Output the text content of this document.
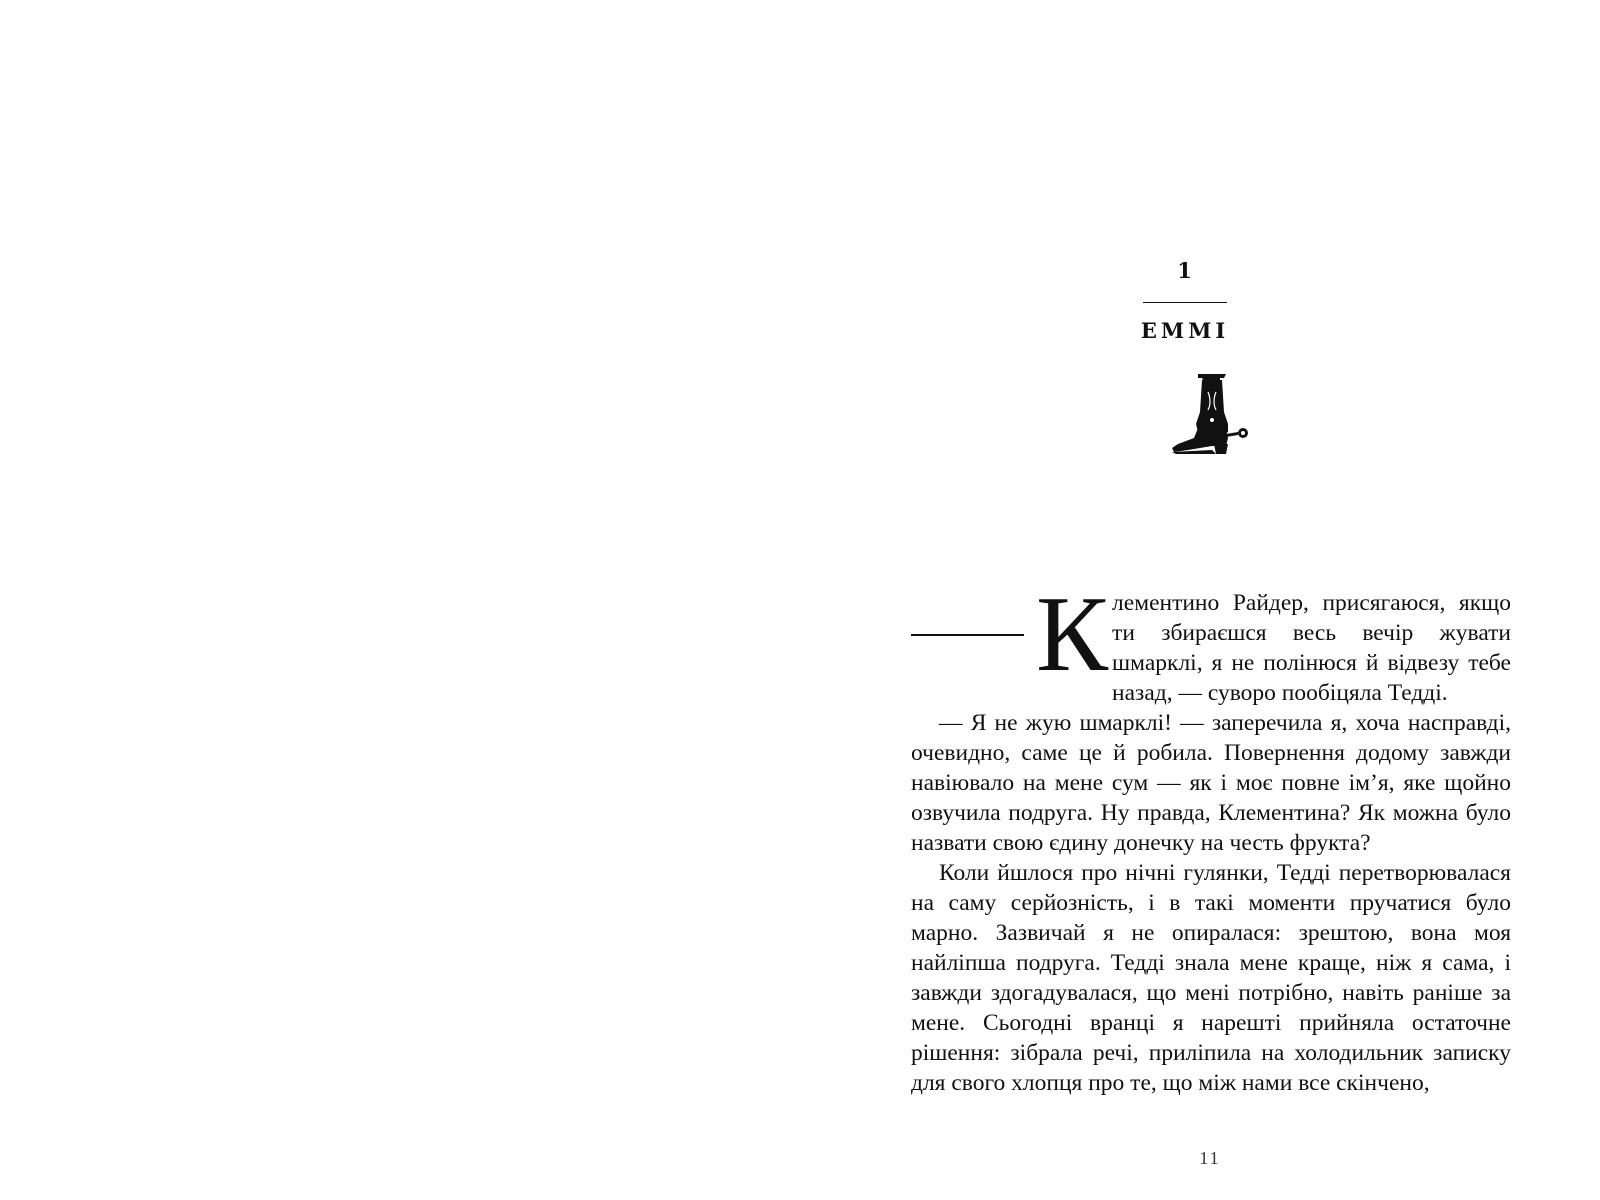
1
ЕММІ

К лементино Райдер, присягаюся, якщо ти збираєшся весь вечір жувати шмарклі, я не полінюся й відвезу тебе назад, — суворо пообіцяла Тедді.

— Я не жую шмарклі! — заперечила я, хоча насправді, очевидно, саме це й робила. Повернення додому завжди навіювало на мене сум — як і моє повне ім’я, яке щойно озвучила подруга. Ну правда, Клементина? Як можна було назвати свою єдину донечку на честь фрукта?

Коли йшлося про нічні гулянки, Тедді перетворювалася на саму серйозність, і в такі моменти пручатися було марно. Зазвичай я не опиралася: зрештою, вона моя найліпша подруга. Тедді знала мене краще, ніж я сама, і завжди здогадувалася, що мені потрібно, навіть раніше за мене. Сьогодні вранці я нарешті прийняла остаточне рішення: зібрала речі, приліпила на холодильник записку для свого хлопця про те, що між нами все скінчено,

11
